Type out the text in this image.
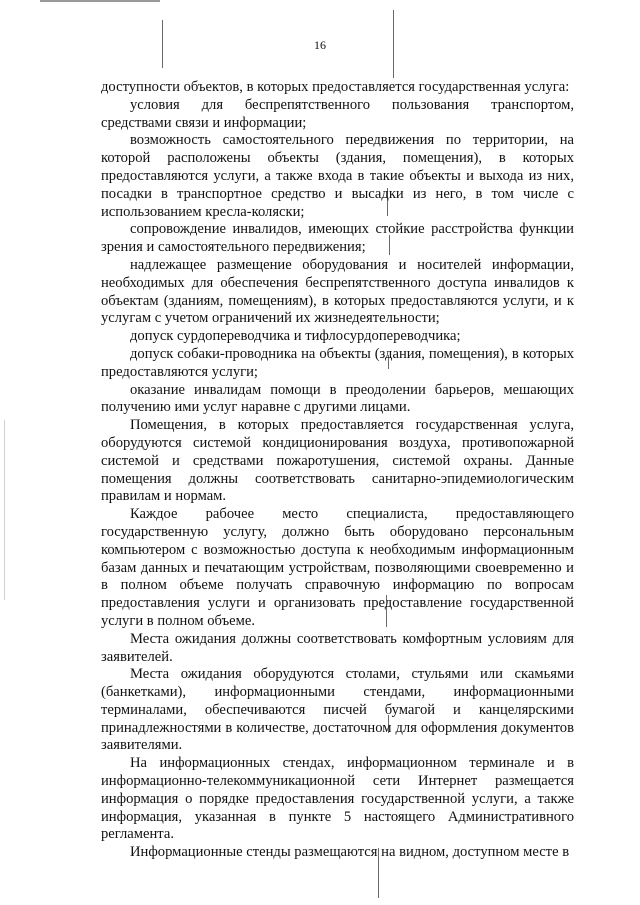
16

доступности объектов, в которых предоставляется государственная услуга:

условия для беспрепятственного пользования транспортом, средствами связи и информации;

возможность самостоятельного передвижения по территории, на которой расположены объекты (здания, помещения), в которых предоставляются услуги, а также входа в такие объекты и выхода из них, посадки в транспортное средство и высадки из него, в том числе с использованием кресла-коляски;

сопровождение инвалидов, имеющих стойкие расстройства функции зрения и самостоятельного передвижения;

надлежащее размещение оборудования и носителей информации, необходимых для обеспечения беспрепятственного доступа инвалидов к объектам (зданиям, помещениям), в которых предоставляются услуги, и к услугам с учетом ограничений их жизнедеятельности;

допуск сурдопереводчика и тифлосурдопереводчика;

допуск собаки-проводника на объекты (здания, помещения), в которых предоставляются услуги;

оказание инвалидам помощи в преодолении барьеров, мешающих получению ими услуг наравне с другими лицами.

Помещения, в которых предоставляется государственная услуга, оборудуются системой кондиционирования воздуха, противопожарной системой и средствами пожаротушения, системой охраны. Данные помещения должны соответствовать санитарно-эпидемиологическим правилам и нормам.

Каждое рабочее место специалиста, предоставляющего государственную услугу, должно быть оборудовано персональным компьютером с возможностью доступа к необходимым информационным базам данных и печатающим устройствам, позволяющими своевременно и в полном объеме получать справочную информацию по вопросам предоставления услуги и организовать предоставление государственной услуги в полном объеме.

Места ожидания должны соответствовать комфортным условиям для заявителей.

Места ожидания оборудуются столами, стульями или скамьями (банкетками), информационными стендами, информационными терминалами, обеспечиваются писчей бумагой и канцелярскими принадлежностями в количестве, достаточном для оформления документов заявителями.

На информационных стендах, информационном терминале и в информационно-телекоммуникационной сети Интернет размещается информация о порядке предоставления государственной услуги, а также информация, указанная в пункте 5 настоящего Административного регламента.

Информационные стенды размещаются на видном, доступном месте в
